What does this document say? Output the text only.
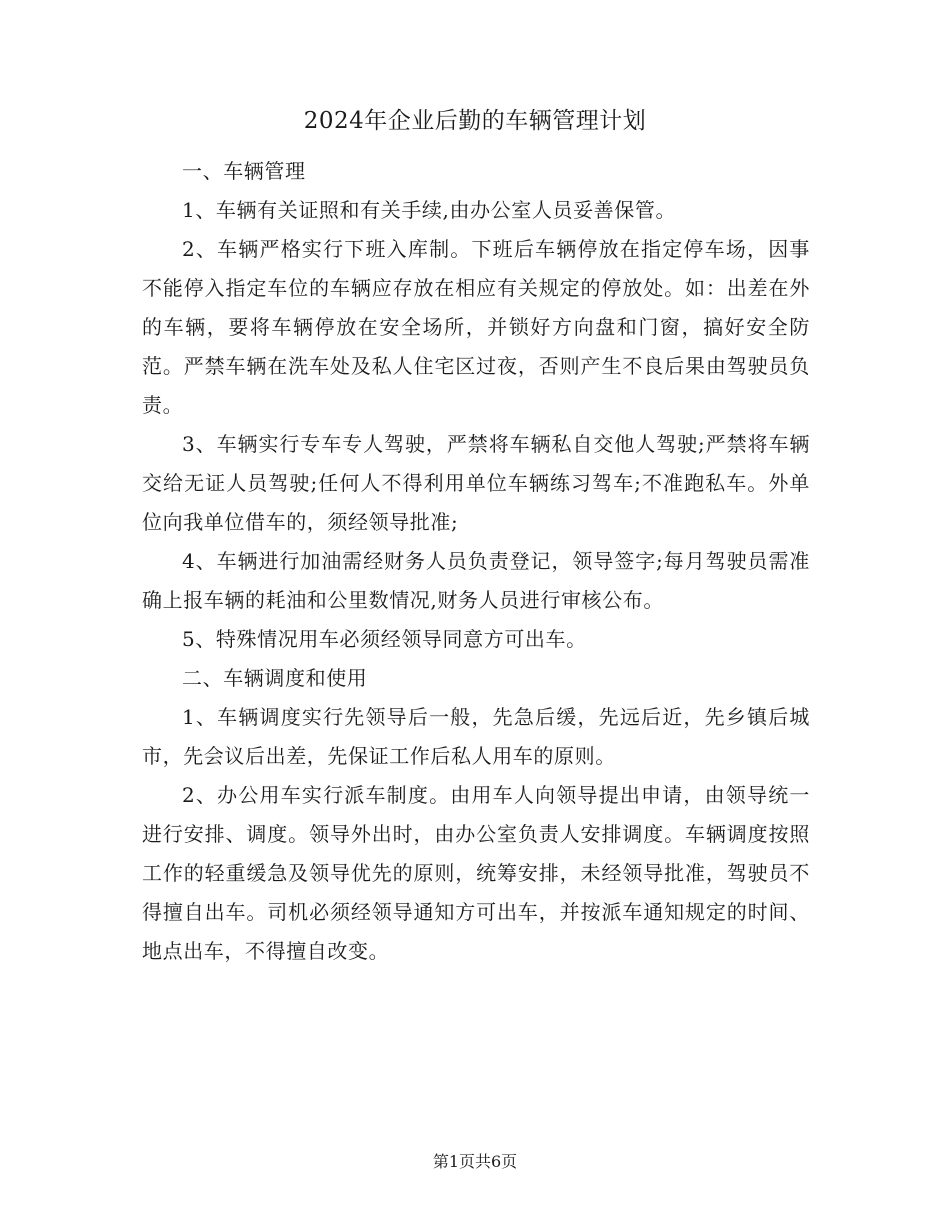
2024年企业后勤的车辆管理计划

一、车辆管理

1、车辆有关证照和有关手续,由办公室人员妥善保管。

2、车辆严格实行下班入库制。下班后车辆停放在指定停车场，因事不能停入指定车位的车辆应存放在相应有关规定的停放处。如：出差在外的车辆，要将车辆停放在安全场所，并锁好方向盘和门窗，搞好安全防范。严禁车辆在洗车处及私人住宅区过夜，否则产生不良后果由驾驶员负责。

3、车辆实行专车专人驾驶，严禁将车辆私自交他人驾驶;严禁将车辆交给无证人员驾驶;任何人不得利用单位车辆练习驾车;不准跑私车。外单位向我单位借车的，须经领导批准;

4、车辆进行加油需经财务人员负责登记，领导签字;每月驾驶员需准确上报车辆的耗油和公里数情况,财务人员进行审核公布。

5、特殊情况用车必须经领导同意方可出车。

二、车辆调度和使用

1、车辆调度实行先领导后一般，先急后缓，先远后近，先乡镇后城市，先会议后出差，先保证工作后私人用车的原则。

2、办公用车实行派车制度。由用车人向领导提出申请，由领导统一进行安排、调度。领导外出时，由办公室负责人安排调度。车辆调度按照工作的轻重缓急及领导优先的原则，统筹安排，未经领导批准，驾驶员不得擅自出车。司机必须经领导通知方可出车，并按派车通知规定的时间、地点出车，不得擅自改变。

第1页共6页
